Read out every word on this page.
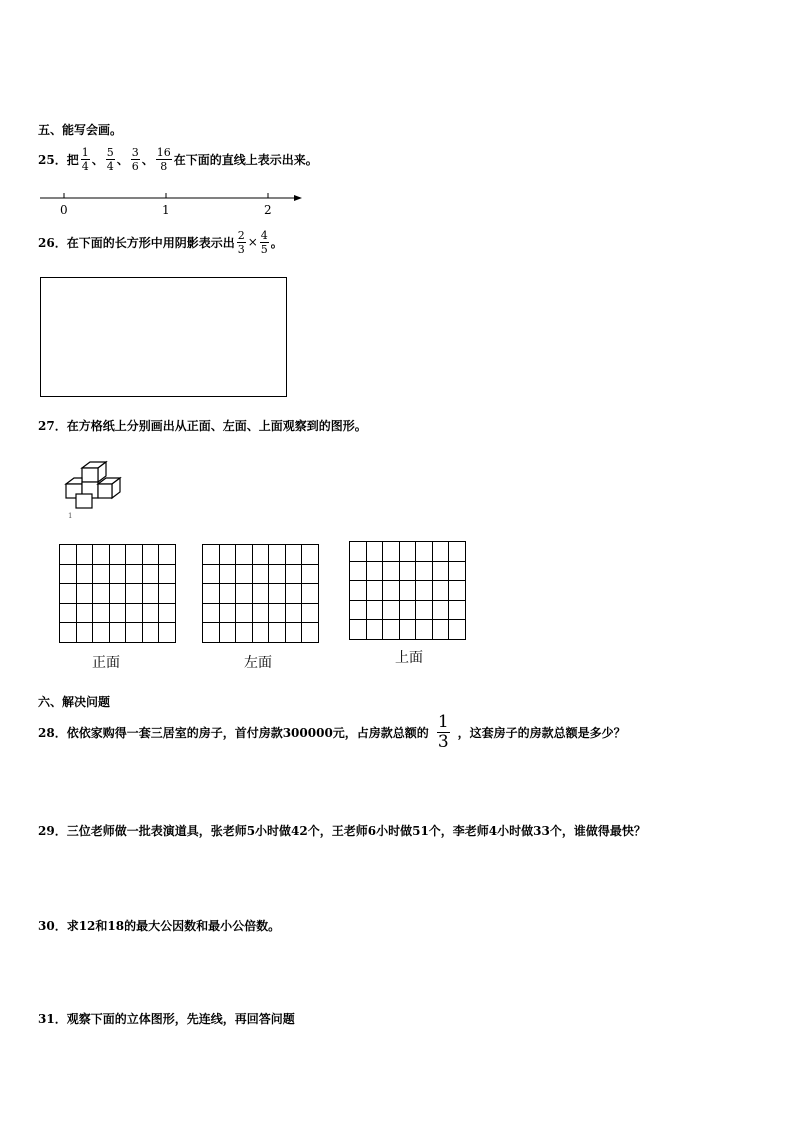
五、能写会画。
25．把 $\frac{1}{4}$ 、 $\frac{5}{4}$ 、 $\frac{3}{6}$ 、 $\frac{16}{8}$ 在下面的直线上表示出来。
0	1	2
26．在下面的长方形中用阴影表示出 $\frac{2}{3} \times \frac{4}{5}$ 。
27．在方格纸上分别画出从正面、左面、上面观察到的图形。
1

正面	左面	上面
六、解决问题
28．依依家购得一套三居室的房子，首付房款300000元，占房款总额的 $\frac{1}{3}$ ，这套房子的房款总额是多少？
29．三位老师做一批表演道具，张老师5小时做42个，王老师6小时做51个，李老师4小时做33个，谁做得最快？
30．求12和18的最大公因数和最小公倍数。
31．观察下面的立体图形，先连线，再回答问题
